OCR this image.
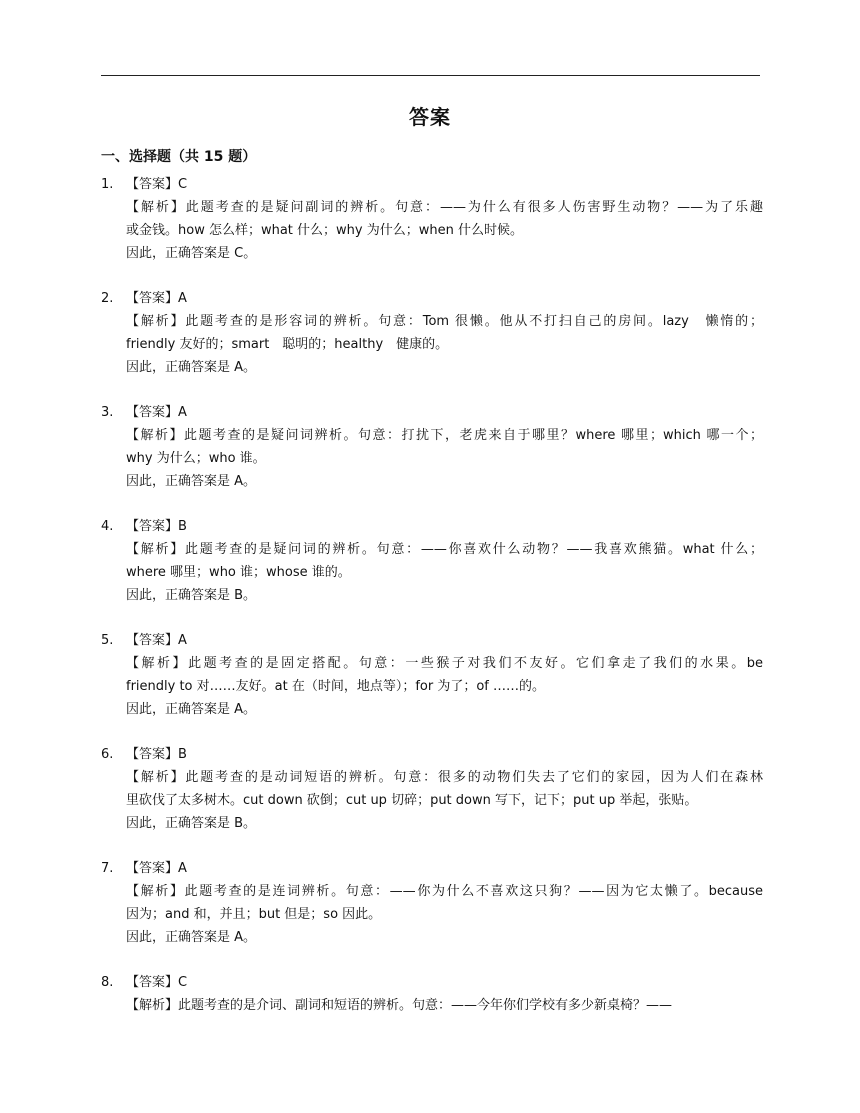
答案
一、选择题（共 15 题）
1. 【答案】C
【解析】此题考查的是疑问副词的辨析。句意：——为什么有很多人伤害野生动物？——为了乐趣
或金钱。how 怎么样；what 什么；why 为什么；when 什么时候。
因此，正确答案是 C。
2. 【答案】A
【解析】此题考查的是形容词的辨析。句意：Tom 很懒。他从不打扫自己的房间。lazy　懒惰的；
friendly 友好的；smart　聪明的；healthy　健康的。
因此，正确答案是 A。
3. 【答案】A
【解析】此题考查的是疑问词辨析。句意：打扰下，老虎来自于哪里？where 哪里；which 哪一个；
why 为什么；who 谁。
因此，正确答案是 A。
4. 【答案】B
【解析】此题考查的是疑问词的辨析。句意：——你喜欢什么动物？——我喜欢熊猫。what 什么；
where 哪里；who 谁；whose 谁的。
因此，正确答案是 B。
5. 【答案】A
【解析】此题考查的是固定搭配。句意：一些猴子对我们不友好。它们拿走了我们的水果。be
friendly to 对……友好。at 在（时间，地点等）；for 为了；of ……的。
因此，正确答案是 A。
6. 【答案】B
【解析】此题考查的是动词短语的辨析。句意：很多的动物们失去了它们的家园，因为人们在森林
里砍伐了太多树木。cut down 砍倒；cut up 切碎；put down 写下，记下；put up 举起，张贴。
因此，正确答案是 B。
7. 【答案】A
【解析】此题考查的是连词辨析。句意：——你为什么不喜欢这只狗？——因为它太懒了。because
因为；and 和，并且；but 但是；so 因此。
因此，正确答案是 A。
8. 【答案】C
【解析】此题考查的是介词、副词和短语的辨析。句意：——今年你们学校有多少新桌椅？——
